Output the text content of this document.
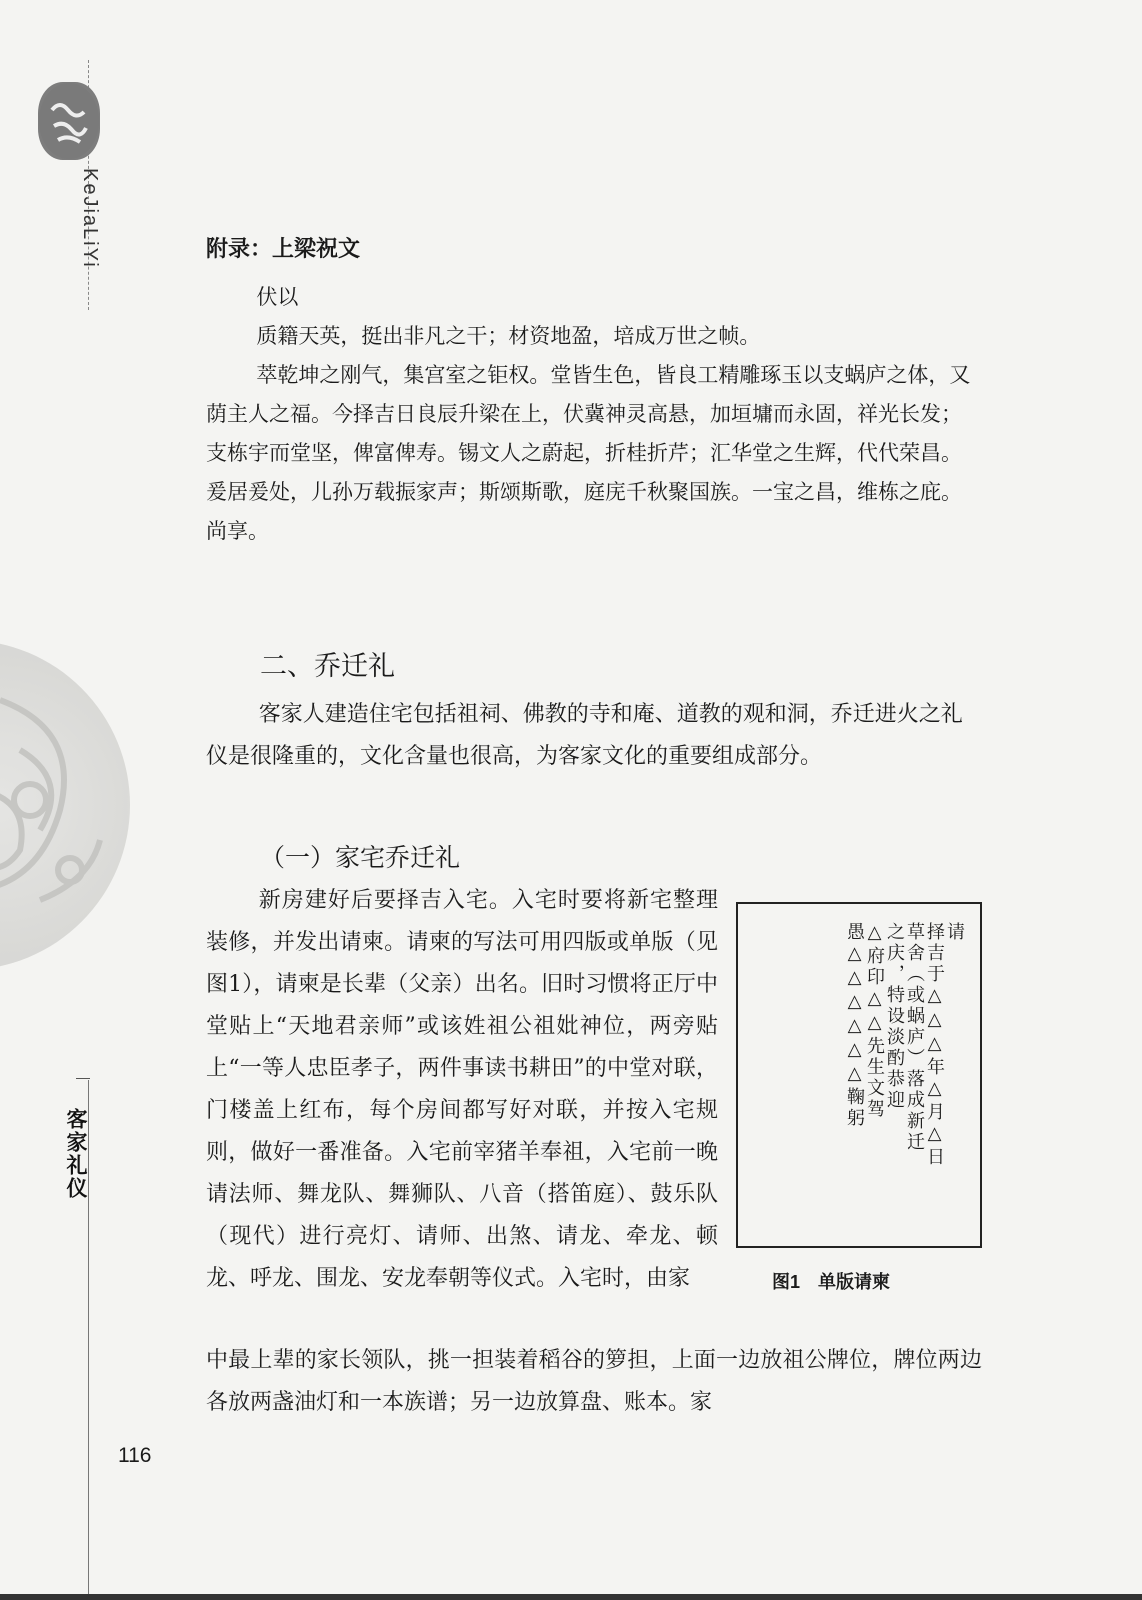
KeJiaLiYi
客家礼仪
附录：上梁祝文

伏以

质籍天英，挺出非凡之干；材资地盈，培成万世之帧。

萃乾坤之刚气，集宫室之钜权。堂皆生色，皆良工精雕琢玉以支蜗庐之体，又荫主人之福。今择吉日良辰升梁在上，伏冀神灵高悬，加垣墉而永固，祥光长发；支栋宇而堂坚，俾富俾寿。锡文人之蔚起，折桂折芹；汇华堂之生辉，代代荣昌。爰居爰处，儿孙万载振家声；斯颂斯歌，庭庑千秋聚国族。一宝之昌，维栋之庇。尚享。

二、乔迁礼

客家人建造住宅包括祖祠、佛教的寺和庵、道教的观和洞，乔迁进火之礼仪是很隆重的，文化含量也很高，为客家文化的重要组成部分。

（一）家宅乔迁礼

新房建好后要择吉入宅。入宅时要将新宅整理装修，并发出请柬。请柬的写法可用四版或单版（见图1），请柬是长辈（父亲）出名。旧时习惯将正厅中堂贴上“天地君亲师”或该姓祖公祖妣神位，两旁贴上“一等人忠臣孝子，两件事读书耕田”的中堂对联，门楼盖上红布，每个房间都写好对联，并按入宅规则，做好一番准备。入宅前宰猪羊奉祖，入宅前一晚请法师、舞龙队、舞狮队、八音（搭笛庭）、鼓乐队（现代）进行亮灯、请师、出煞、请龙、牵龙、顿龙、呼龙、围龙、安龙奉朝等仪式。入宅时，由家

请

择吉于△△△年△月△日

草舍（或蜗庐）落成新迁

之庆，特设淡酌恭迎

△府印△△先生文驾

愚△△△△△△鞠躬

图1　单版请柬

中最上辈的家长领队，挑一担装着稻谷的箩担，上面一边放祖公牌位，牌位两边各放两盏油灯和一本族谱；另一边放算盘、账本。家

116
